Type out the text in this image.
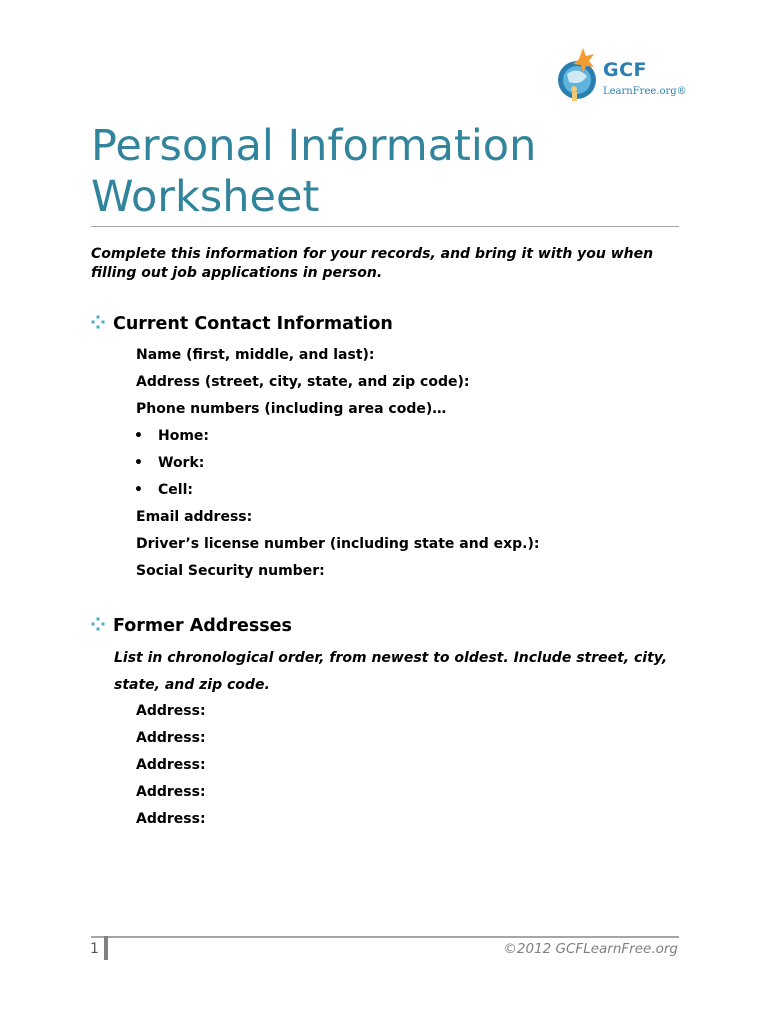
GCF
LearnFree.org®
Personal Information Worksheet

Complete this information for your records, and bring it with you when filling out job applications in person.

Current Contact Information
Name (first, middle, and last):
Address (street, city, state, and zip code):
Phone numbers (including area code)…
• Home:
• Work:
• Cell:
Email address:
Driver’s license number (including state and exp.):
Social Security number:
Former Addresses

List in chronological order, from newest to oldest. Include street, city, state, and zip code.

Address:
Address:
Address:
Address:
Address:
1	©2012 GCFLearnFree.org
